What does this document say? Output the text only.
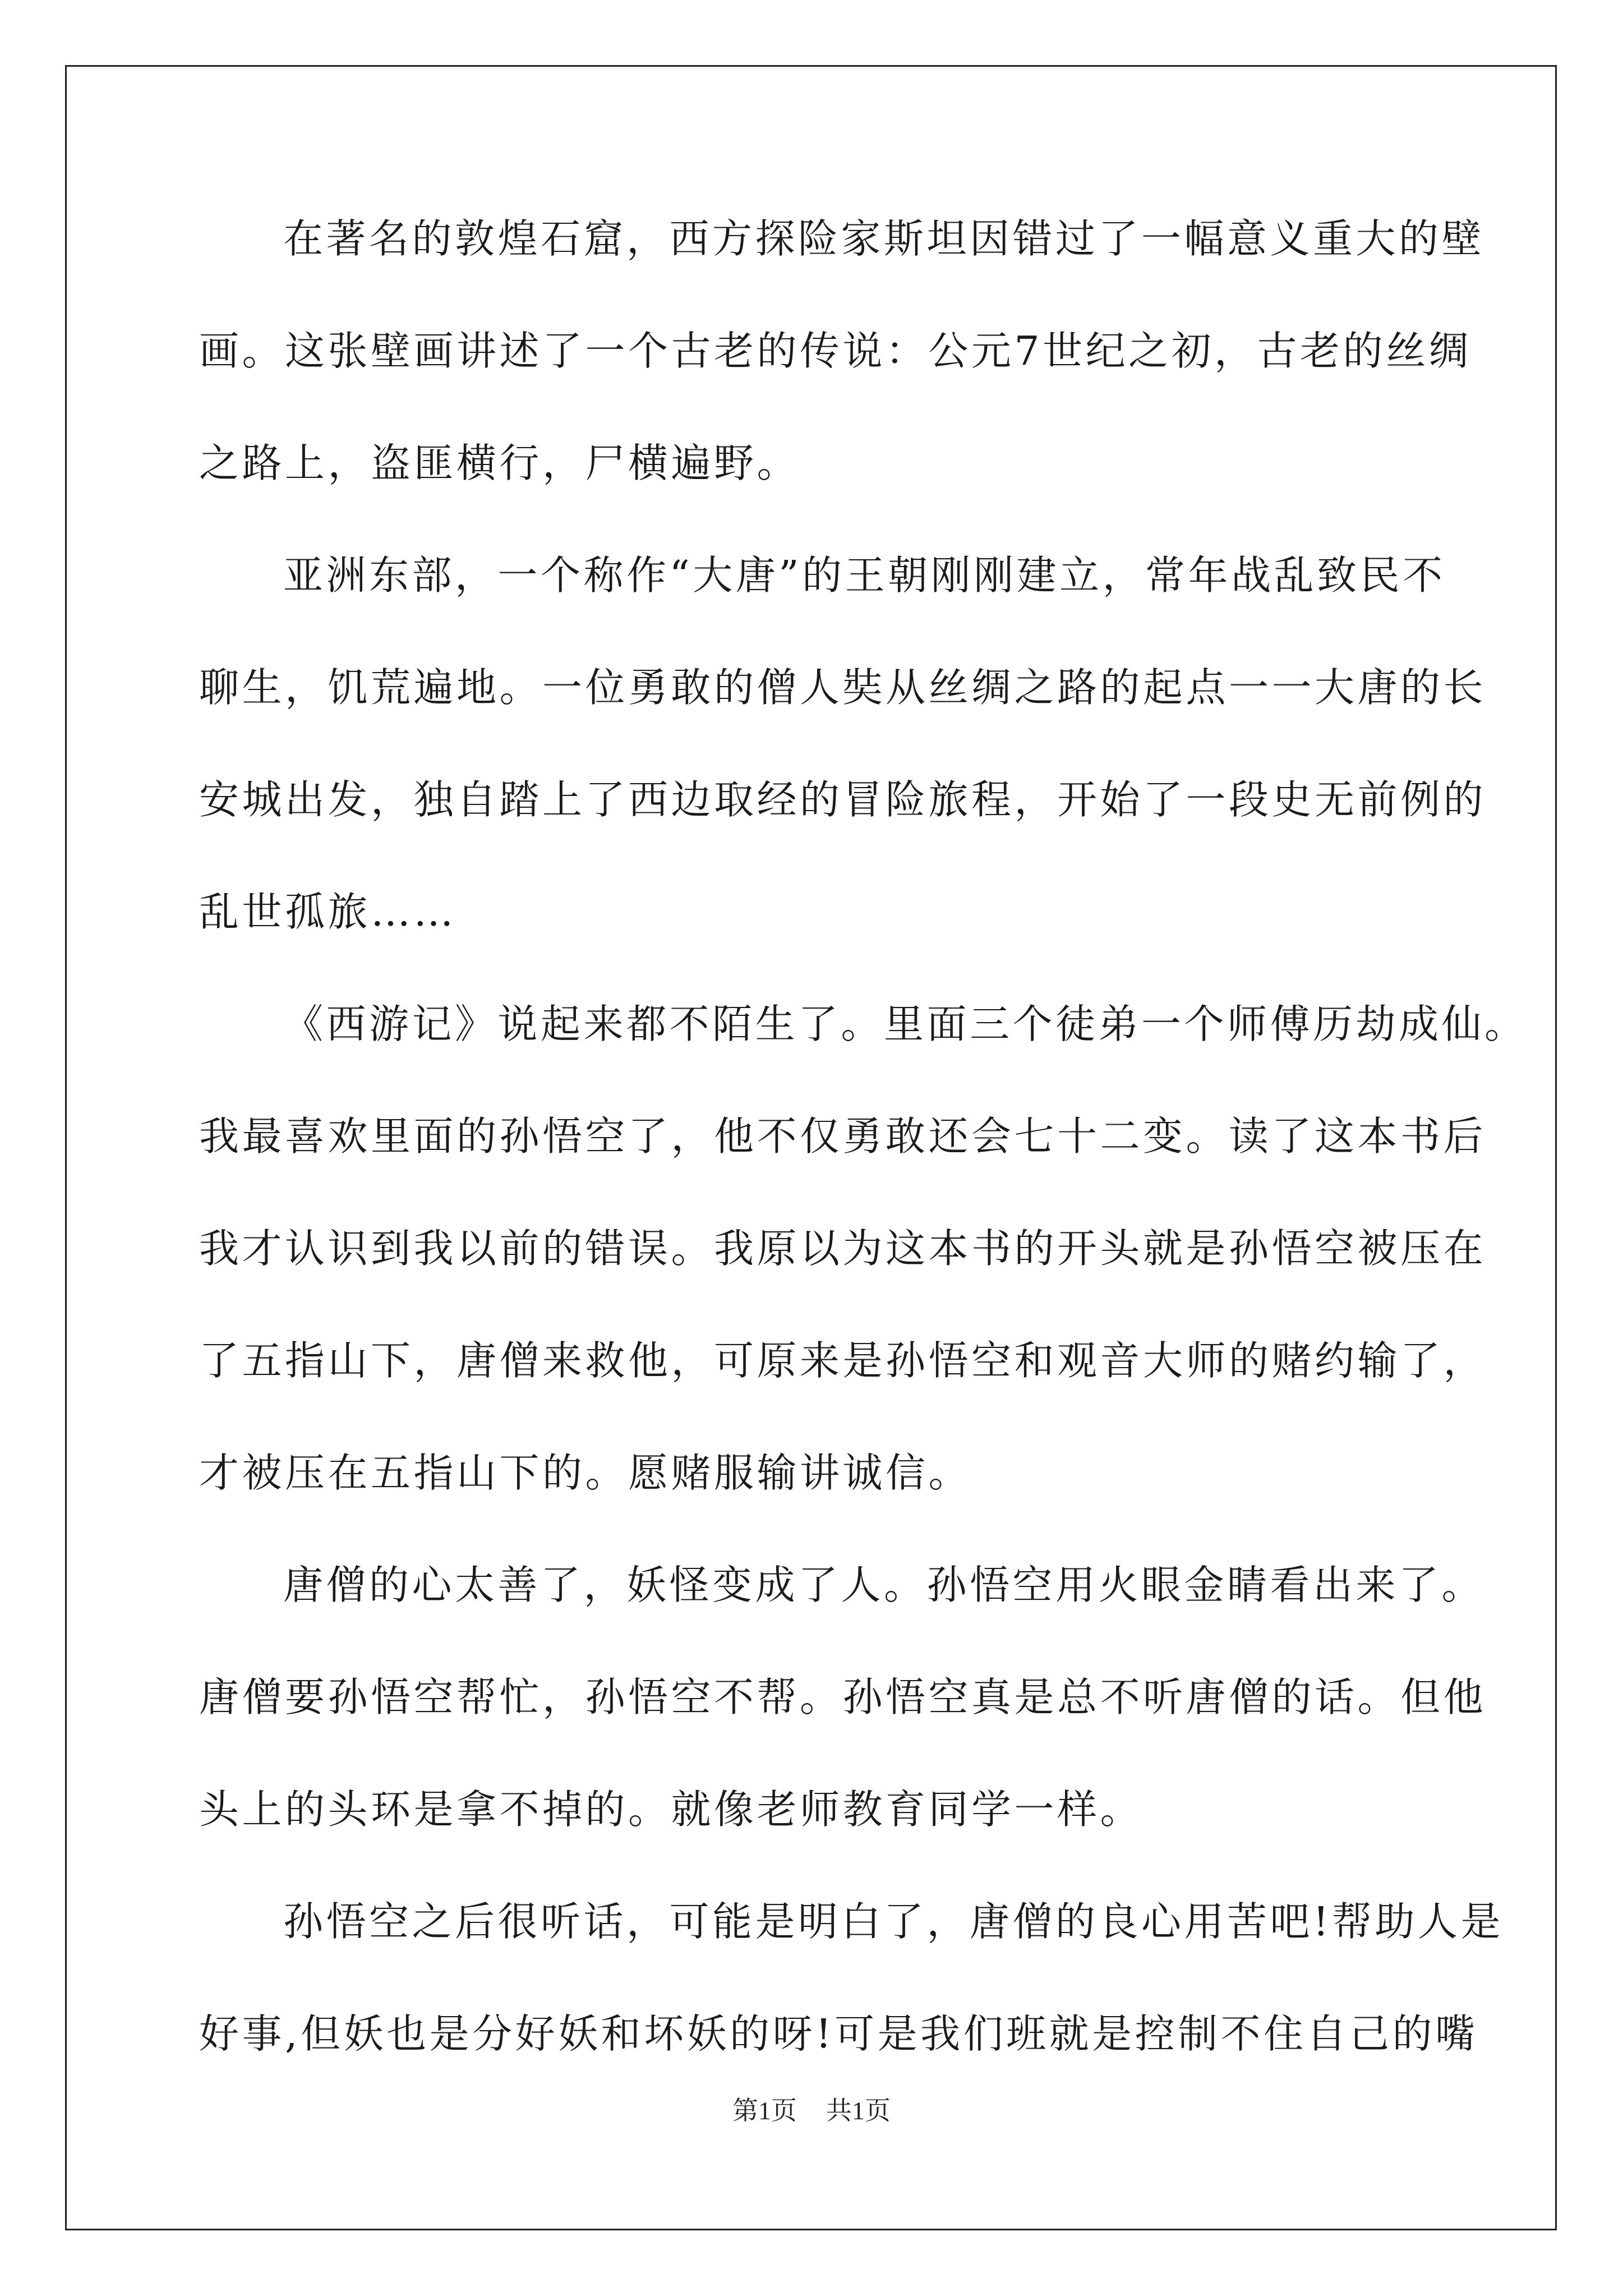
在著名的敦煌石窟，西方探险家斯坦因错过了一幅意义重大的壁
画。这张壁画讲述了一个古老的传说：公元7世纪之初，古老的丝绸
之路上，盗匪横行，尸横遍野。
亚洲东部，一个称作“大唐”的王朝刚刚建立，常年战乱致民不
聊生，饥荒遍地。一位勇敢的僧人奘从丝绸之路的起点一一大唐的长
安城出发，独自踏上了西边取经的冒险旅程，开始了一段史无前例的
乱世孤旅……
《西游记》说起来都不陌生了。里面三个徒弟一个师傅历劫成仙。
我最喜欢里面的孙悟空了，他不仅勇敢还会七十二变。读了这本书后
我才认识到我以前的错误。我原以为这本书的开头就是孙悟空被压在
了五指山下，唐僧来救他，可原来是孙悟空和观音大师的赌约输了，
才被压在五指山下的。愿赌服输讲诚信。
唐僧的心太善了，妖怪变成了人。孙悟空用火眼金睛看出来了。
唐僧要孙悟空帮忙，孙悟空不帮。孙悟空真是总不听唐僧的话。但他
头上的头环是拿不掉的。就像老师教育同学一样。
孙悟空之后很听话，可能是明白了，唐僧的良心用苦吧!帮助人是
好事,但妖也是分好妖和坏妖的呀!可是我们班就是控制不住自己的嘴
第1页 共1页
